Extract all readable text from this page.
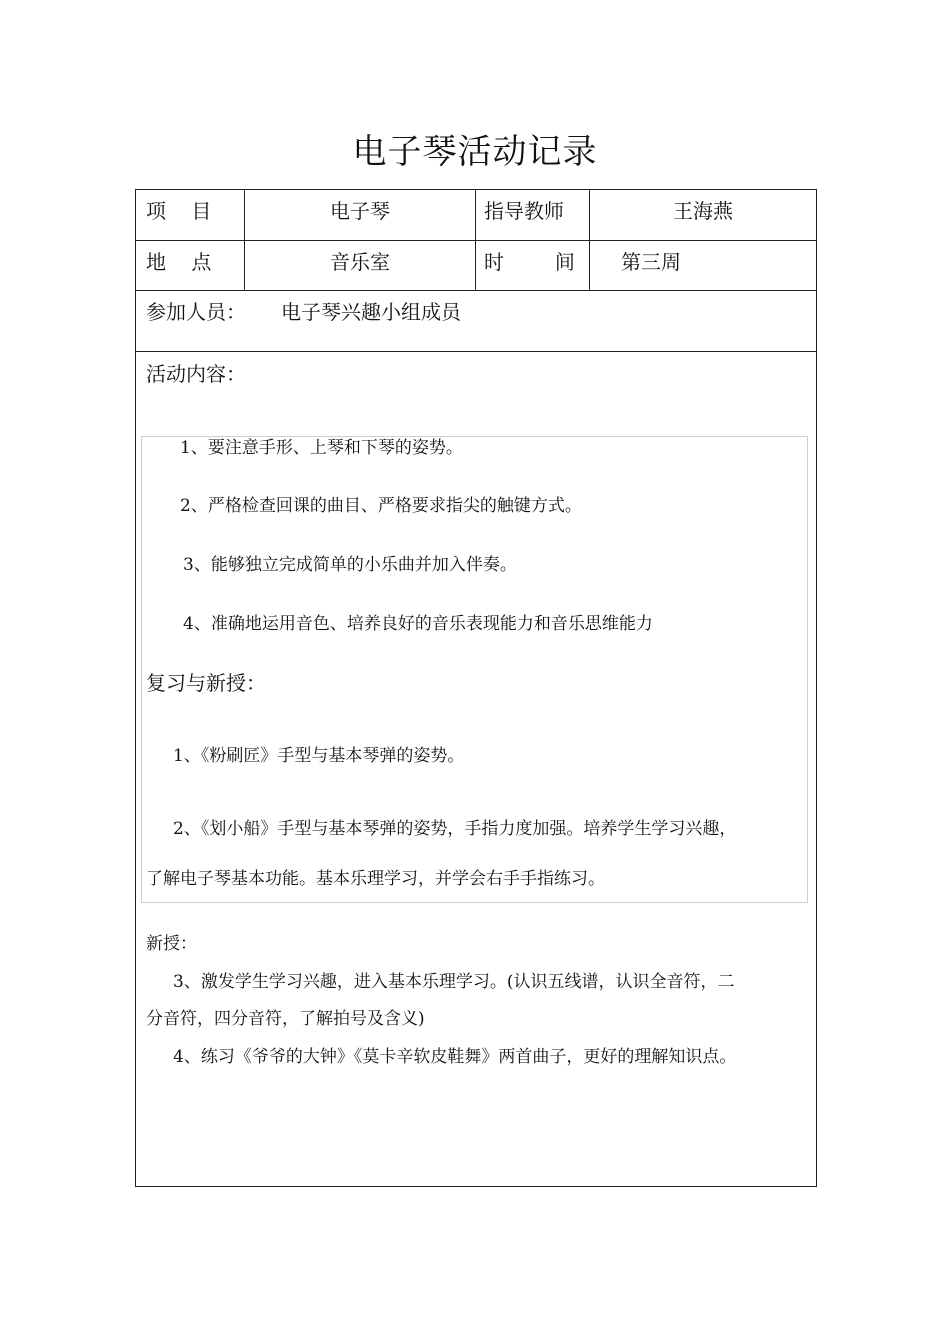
电子琴活动记录
项    目	电子琴	指导教师	王海燕
地    点	音乐室	时        间 第三周
参加人员： 电子琴兴趣小组成员
活动内容：
1、要注意手形、上琴和下琴的姿势。
2、严格检查回课的曲目、严格要求指尖的触键方式。
3、能够独立完成简单的小乐曲并加入伴奏。
4、准确地运用音色、培养良好的音乐表现能力和音乐思维能力
复习与新授：
1、《粉刷匠》手型与基本琴弹的姿势。
2、《划小船》手型与基本琴弹的姿势，手指力度加强。培养学生学习兴趣，
了解电子琴基本功能。基本乐理学习，并学会右手手指练习。
新授：
3、激发学生学习兴趣，进入基本乐理学习。(认识五线谱，认识全音符，二
分音符，四分音符，了解拍号及含义)
4、练习《爷爷的大钟》《莫卡辛软皮鞋舞》两首曲子，更好的理解知识点。
